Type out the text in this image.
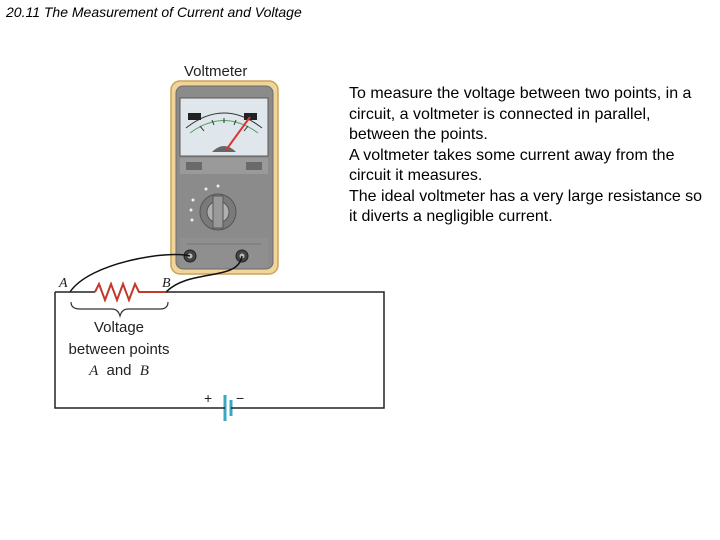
20.11 The Measurement of Current and Voltage
Voltmeter
A	B
Voltage
between points
A and B
+ −

To measure the voltage between two points, in a circuit, a voltmeter is connected in parallel, between the points.

A voltmeter takes some current away from the circuit it measures.

The ideal voltmeter has a very large resistance so it diverts a negligible current.
